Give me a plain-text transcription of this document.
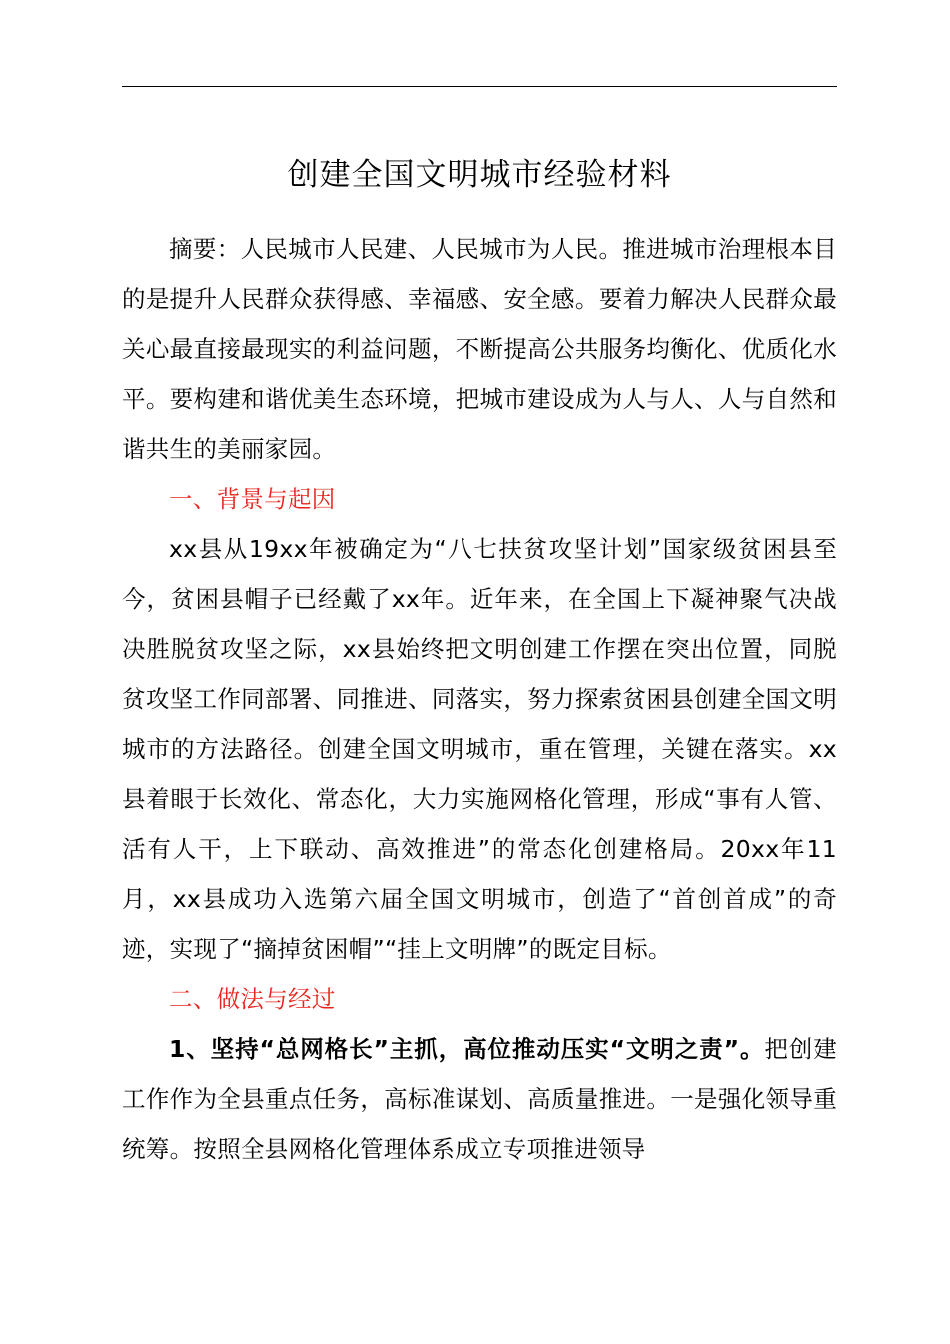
创建全国文明城市经验材料

摘要：人民城市人民建、人民城市为人民。推进城市治理根本目的是提升人民群众获得感、幸福感、安全感。要着力解决人民群众最关心最直接最现实的利益问题，不断提高公共服务均衡化、优质化水平。要构建和谐优美生态环境，把城市建设成为人与人、人与自然和谐共生的美丽家园。

一、背景与起因

xx县从19xx年被确定为“八七扶贫攻坚计划”国家级贫困县至今，贫困县帽子已经戴了xx年。近年来，在全国上下凝神聚气决战决胜脱贫攻坚之际，xx县始终把文明创建工作摆在突出位置，同脱贫攻坚工作同部署、同推进、同落实，努力探索贫困县创建全国文明城市的方法路径。创建全国文明城市，重在管理，关键在落实。xx县着眼于长效化、常态化，大力实施网格化管理，形成“事有人管、活有人干，上下联动、高效推进”的常态化创建格局。20xx年11月，xx县成功入选第六届全国文明城市，创造了“首创首成”的奇迹，实现了“摘掉贫困帽”“挂上文明牌”的既定目标。

二、做法与经过

1、坚持“总网格长”主抓，高位推动压实“文明之责”。把创建工作作为全县重点任务，高标准谋划、高质量推进。一是强化领导重统筹。按照全县网格化管理体系成立专项推进领导
